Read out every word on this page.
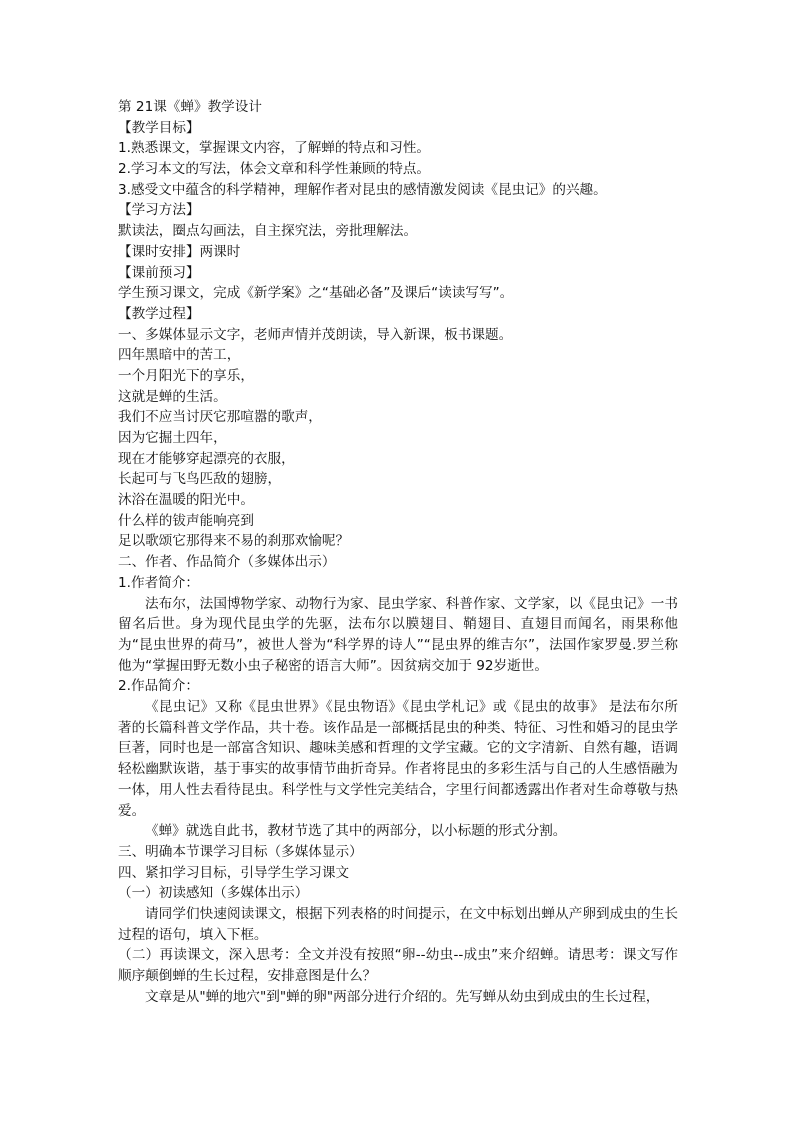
第 21课《蝉》教学设计
【教学目标】
1.熟悉课文，掌握课文内容，了解蝉的特点和习性。
2.学习本文的写法，体会文章和科学性兼顾的特点。
3.感受文中蕴含的科学精神，理解作者对昆虫的感情激发阅读《昆虫记》的兴趣。
【学习方法】
默读法，圈点勾画法，自主探究法，旁批理解法。
【课时安排】两课时
【课前预习】
学生预习课文，完成《新学案》之“基础必备”及课后“读读写写”。
【教学过程】
一、多媒体显示文字，老师声情并茂朗读，导入新课，板书课题。
四年黑暗中的苦工，
一个月阳光下的享乐，
这就是蝉的生活。
我们不应当讨厌它那喧嚣的歌声，
因为它掘土四年，
现在才能够穿起漂亮的衣服，
长起可与飞鸟匹敌的翅膀，
沐浴在温暖的阳光中。
什么样的钹声能响亮到
足以歌颂它那得来不易的刹那欢愉呢？
二、作者、作品简介（多媒体出示）
1.作者简介：
法布尔，法国博物学家、动物行为家、昆虫学家、科普作家、文学家，以《昆虫记》一书留名后世。身为现代昆虫学的先驱，法布尔以膜翅目、鞘翅目、直翅目而闻名，雨果称他为“昆虫世界的荷马”，被世人誉为“科学界的诗人”“昆虫界的维吉尔”，法国作家罗曼.罗兰称他为“掌握田野无数小虫子秘密的语言大师”。因贫病交加于 92岁逝世。
2.作品简介：
《昆虫记》又称《昆虫世界》《昆虫物语》《昆虫学札记》或《昆虫的故事》 是法布尔所著的长篇科普文学作品，共十卷。该作品是一部概括昆虫的种类、特征、习性和婚习的昆虫学巨著，同时也是一部富含知识、趣味美感和哲理的文学宝藏。它的文字清新、自然有趣，语调轻松幽默诙谐，基于事实的故事情节曲折奇异。作者将昆虫的多彩生活与自己的人生感悟融为一体，用人性去看待昆虫。科学性与文学性完美结合，字里行间都透露出作者对生命尊敬与热爱。
《蝉》就选自此书，教材节选了其中的两部分，以小标题的形式分割。
三、明确本节课学习目标（多媒体显示）
四、紧扣学习目标，引导学生学习课文
（一）初读感知（多媒体出示）
请同学们快速阅读课文，根据下列表格的时间提示，在文中标划出蝉从产卵到成虫的生长过程的语句，填入下框。
（二）再读课文，深入思考：全文并没有按照“卵--幼虫--成虫”来介绍蝉。请思考：课文写作顺序颠倒蝉的生长过程，安排意图是什么？
文章是从"蝉的地穴"到"蝉的卵"两部分进行介绍的。先写蝉从幼虫到成虫的生长过程，
